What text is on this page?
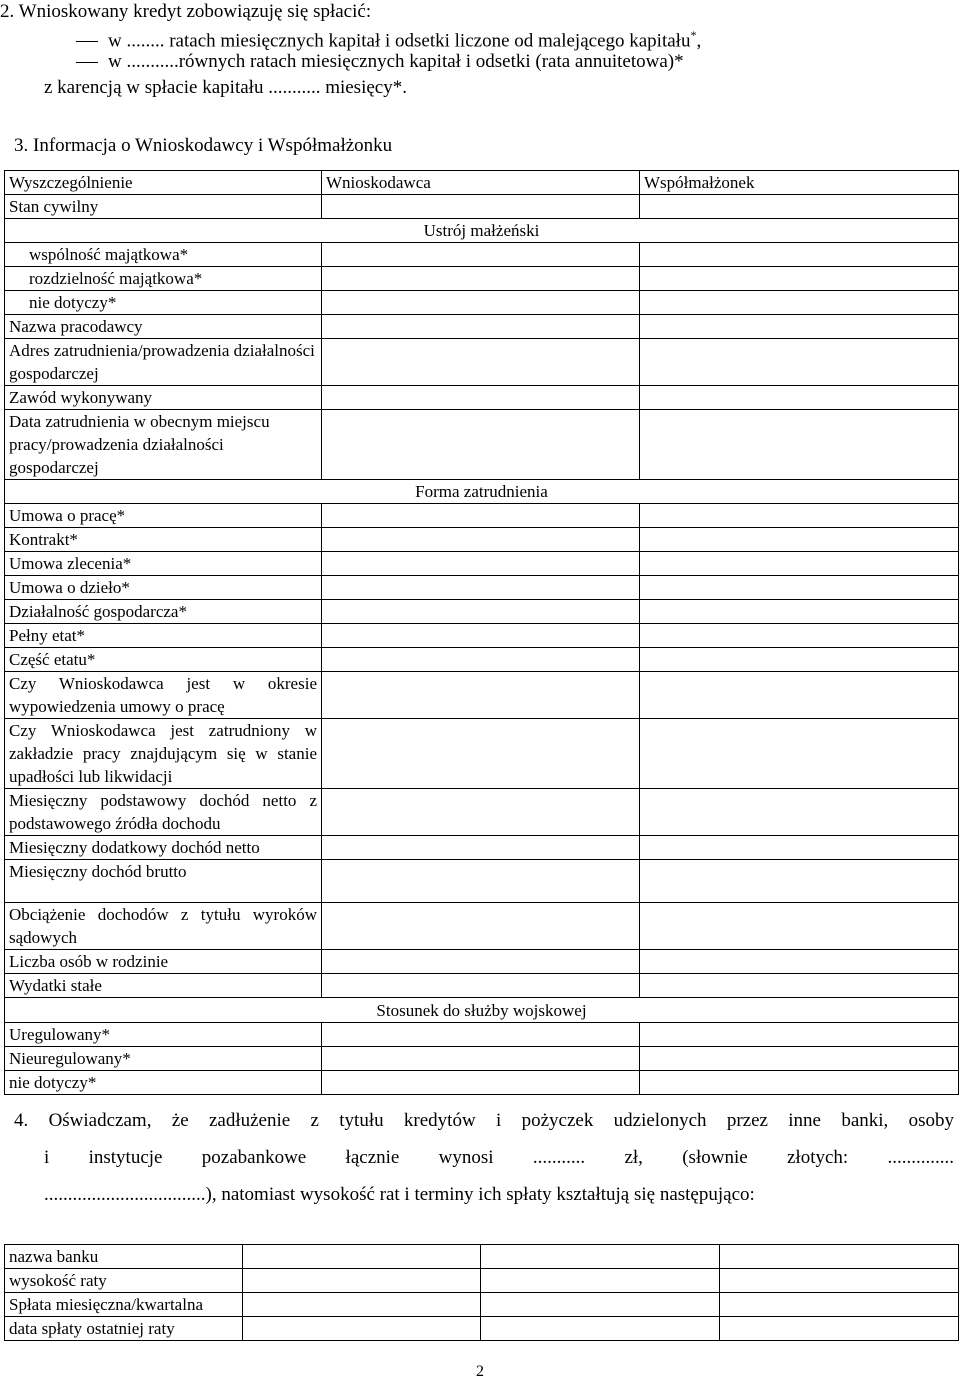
2. Wnioskowany kredyt zobowiązuję się spłacić:
w ........ ratach miesięcznych kapitał i odsetki liczone od malejącego kapitału*,
w ...........równych ratach miesięcznych kapitał i odsetki (rata annuitetowa)*
z karencją w spłacie kapitału ........... miesięcy*.
3. Informacja o Wnioskodawcy i Współmałżonku
Wyszczególnienie	Wnioskodawca	Współmałżonek
Stan cywilny		
Ustrój małżeński		
wspólność majątkowa*		
rozdzielność majątkowa*		
nie dotyczy*		
Nazwa pracodawcy		
Adres zatrudnienia/prowadzenia działalności gospodarczej		
Zawód wykonywany		
Data zatrudnienia w obecnym miejscu pracy/prowadzenia działalności gospodarczej		
Forma zatrudnienia		
Umowa o pracę*		
Kontrakt*		
Umowa zlecenia*		
Umowa o dzieło*		
Działalność gospodarcza*		
Pełny etat*		
Część etatu*		
Czy Wnioskodawca jest w okresie wypowiedzenia umowy o pracę		
Czy Wnioskodawca jest zatrudniony w zakładzie pracy znajdującym się w stanie upadłości lub likwidacji		
Miesięczny podstawowy dochód netto z podstawowego źródła dochodu		
Miesięczny dodatkowy dochód netto		
Miesięczny dochód brutto		
Obciążenie dochodów z tytułu wyroków sądowych		
Liczba osób w rodzinie		
Wydatki stałe		
Stosunek do służby wojskowej		
Uregulowany*		
Nieuregulowany*		
nie dotyczy*		
4. Oświadczam, że zadłużenie z tytułu kredytów i pożyczek udzielonych przez inne banki, osoby
i instytucje pozabankowe łącznie wynosi ........... zł, (słownie złotych: ..............
..................................), natomiast wysokość rat i terminy ich spłaty kształtują się następująco:
nazwa banku			
wysokość raty			
Spłata miesięczna/kwartalna			
data spłaty ostatniej raty			
2
